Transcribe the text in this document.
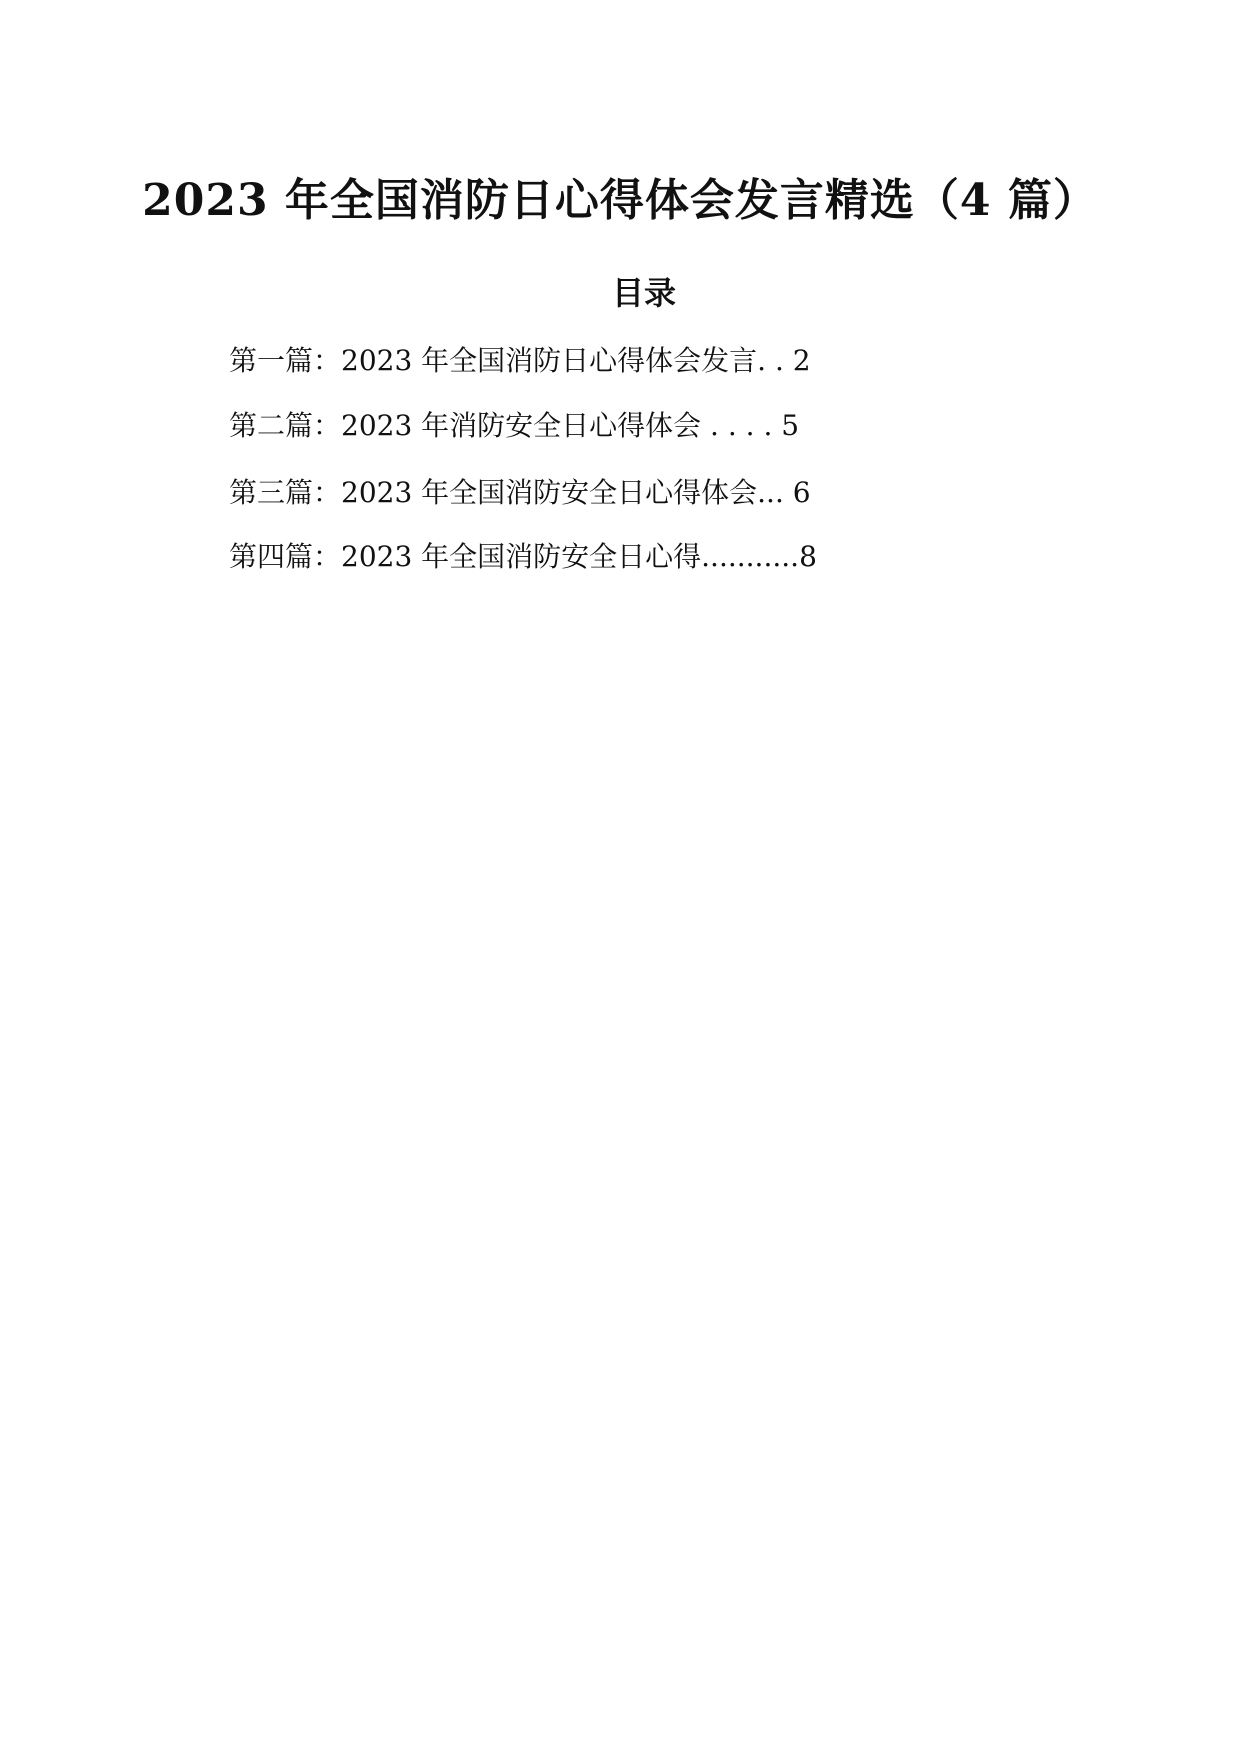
2023 年全国消防日心得体会发言精选（4 篇）
目录
第一篇：2023 年全国消防日心得体会发言. . 2
第二篇：2023 年消防安全日心得体会 . . . . 5
第三篇：2023 年全国消防安全日心得体会... 6
第四篇：2023 年全国消防安全日心得...........8
